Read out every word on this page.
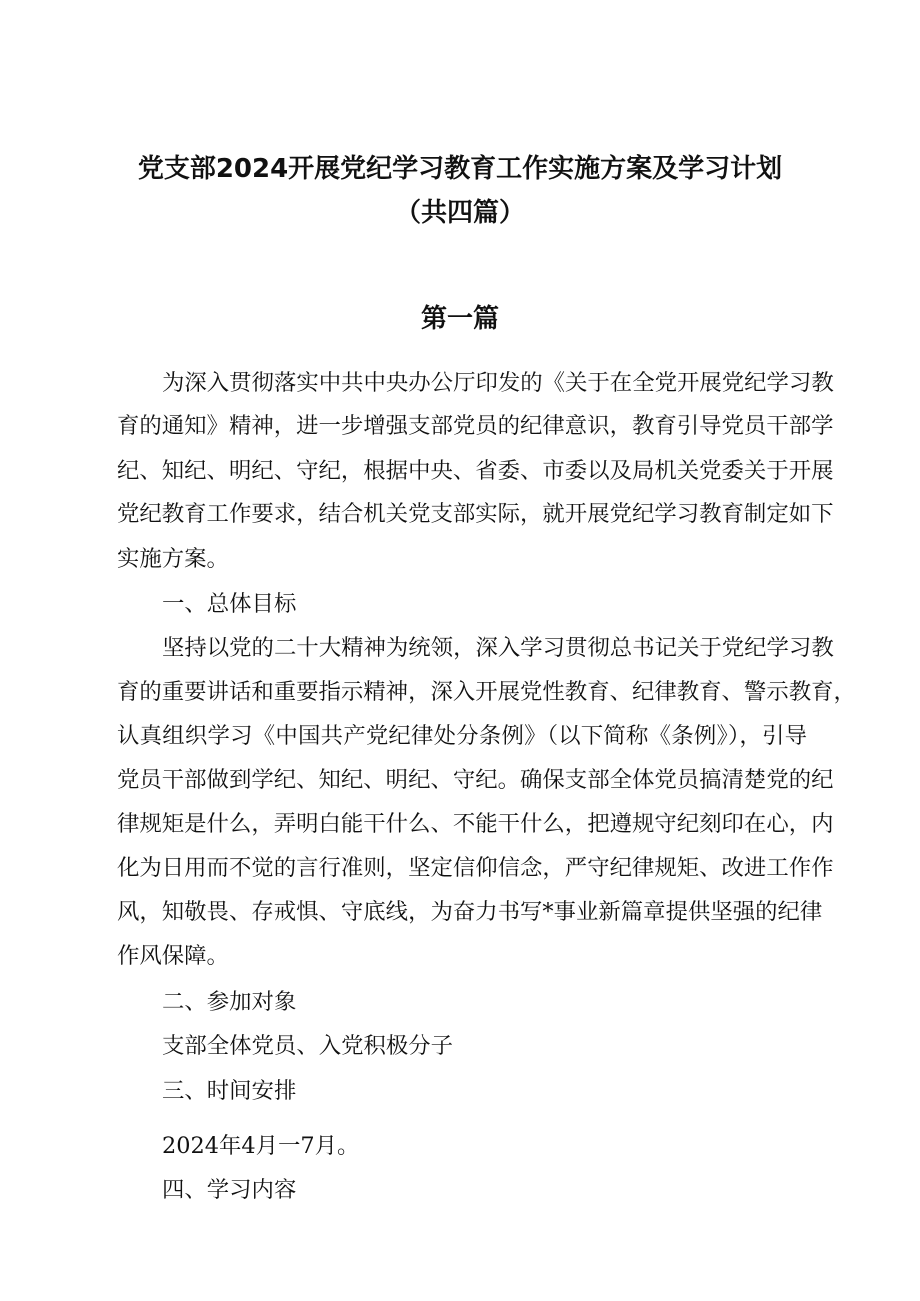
党支部2024开展党纪学习教育工作实施方案及学习计划
（共四篇）
第一篇
为深入贯彻落实中共中央办公厅印发的《关于在全党开展党纪学习教
育的通知》精神，进一步增强支部党员的纪律意识，教育引导党员干部学
纪、知纪、明纪、守纪，根据中央、省委、市委以及局机关党委关于开展
党纪教育工作要求，结合机关党支部实际，就开展党纪学习教育制定如下
实施方案。
一、总体目标
坚持以党的二十大精神为统领，深入学习贯彻总书记关于党纪学习教
育的重要讲话和重要指示精神，深入开展党性教育、纪律教育、警示教育，
认真组织学习《中国共产党纪律处分条例》（以下简称《条例》），引导
党员干部做到学纪、知纪、明纪、守纪。确保支部全体党员搞清楚党的纪
律规矩是什么，弄明白能干什么、不能干什么，把遵规守纪刻印在心，内
化为日用而不觉的言行准则，坚定信仰信念，严守纪律规矩、改进工作作
风，知敬畏、存戒惧、守底线，为奋力书写*事业新篇章提供坚强的纪律
作风保障。
二、参加对象
支部全体党员、入党积极分子
三、时间安排
2024年4月一7月。
四、学习内容
